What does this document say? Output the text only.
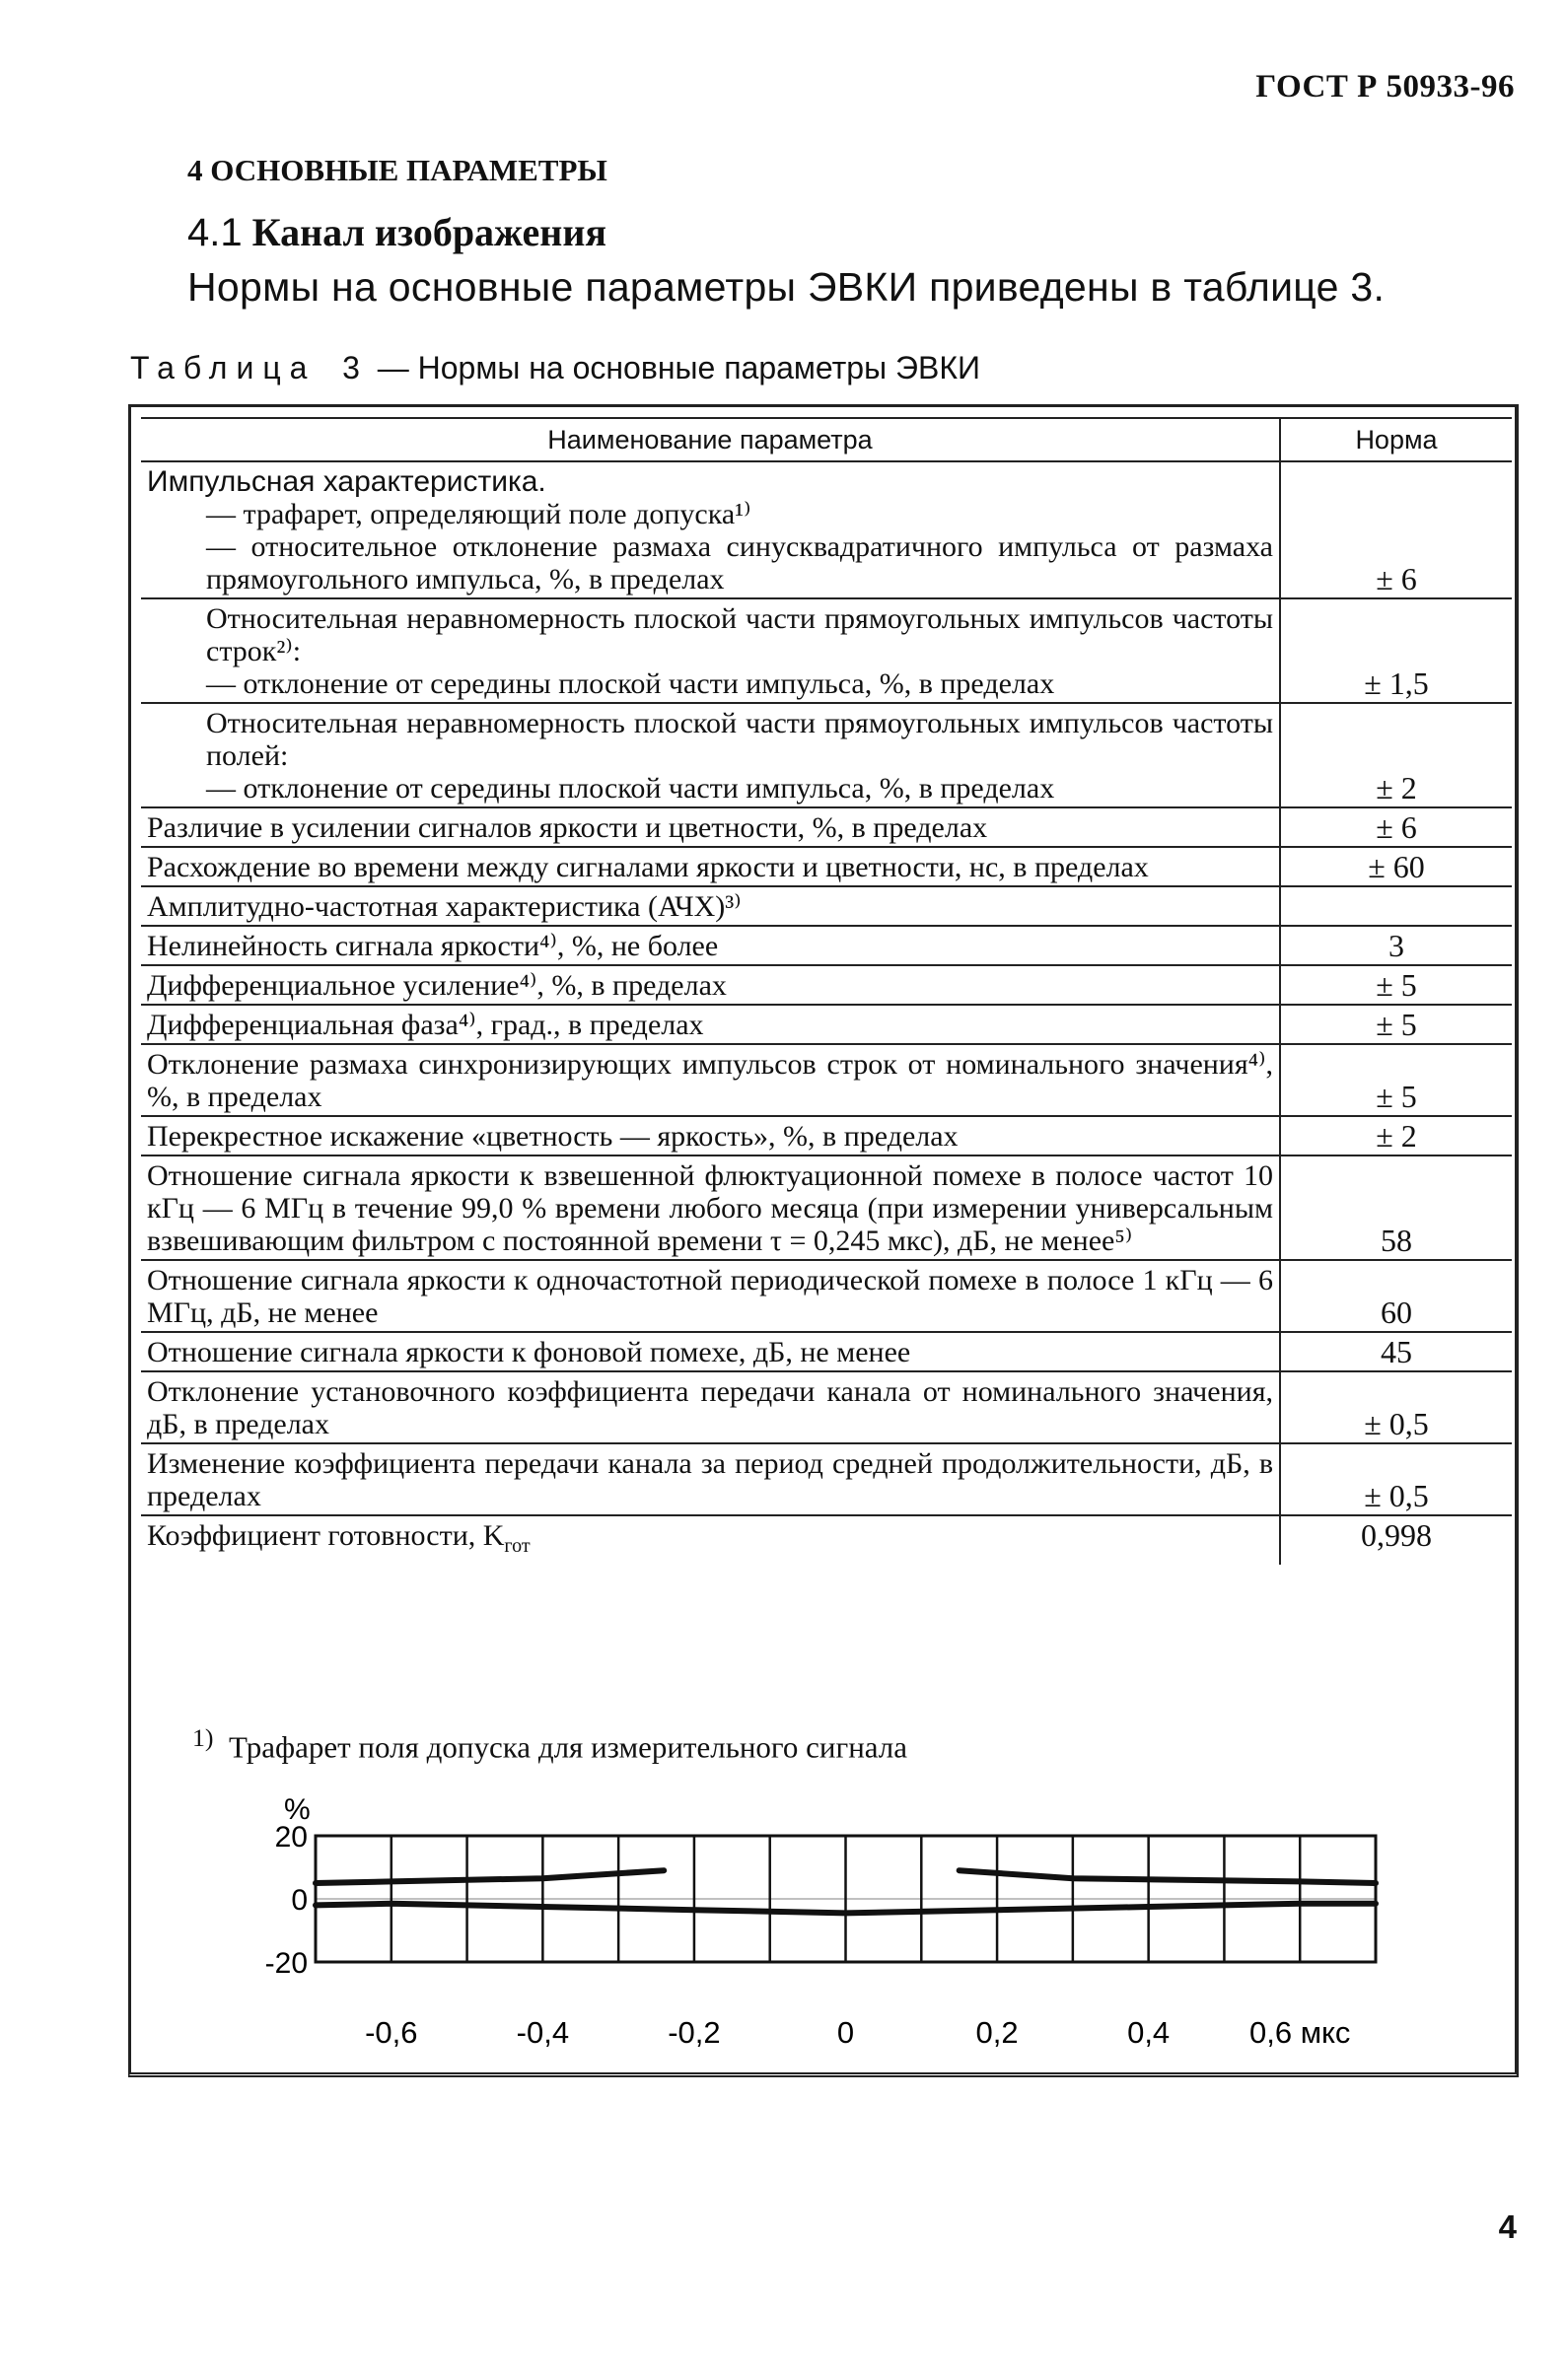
ГОСТ Р 50933-96
4 ОСНОВНЫЕ ПАРАМЕТРЫ
4.1 Канал изображения
Нормы на основные параметры ЭВКИ приведены в таблице 3.
Таблица 3 — Нормы на основные параметры ЭВКИ
Наименование параметра	Норма

Импульсная характеристика.
— трафарет, определяющий поле допуска¹⁾
— относительное отклонение размаха синусквадратичного импульса от размаха прямоугольного импульса, %, в пределах	± 6

Относительная неравномерность плоской части прямоугольных импульсов частоты строк²⁾:
— отклонение от середины плоской части импульса, %, в пределах	± 1,5

Относительная неравномерность плоской части прямоугольных импульсов частоты полей:
— отклонение от середины плоской части импульса, %, в пределах	± 2
Различие в усилении сигналов яркости и цветности, %, в пределах	± 6
Расхождение во времени между сигналами яркости и цветности, нс, в пределах	± 60
Амплитудно-частотная характеристика (АЧХ)³⁾	
Нелинейность сигнала яркости⁴⁾, %, не более	3
Дифференциальное усиление⁴⁾, %, в пределах	± 5
Дифференциальная фаза⁴⁾, град., в пределах	± 5
Отклонение размаха синхронизирующих импульсов строк от номинального значения⁴⁾, %, в пределах	± 5
Перекрестное искажение «цветность — яркость», %, в пределах	± 2
Отношение сигнала яркости к взвешенной флюктуационной помехе в полосе частот 10 кГц — 6 МГц в течение 99,0 % времени любого месяца (при измерении универсальным взвешивающим фильтром с постоянной времени τ = 0,245 мкс), дБ, не менее⁵⁾	58
Отношение сигнала яркости к одночастотной периодической помехе в полосе 1 кГц — 6 МГц, дБ, не менее	60
Отношение сигнала яркости к фоновой помехе, дБ, не менее	45
Отклонение установочного коэффициента передачи канала от номинального значения, дБ, в пределах	± 0,5
Изменение коэффициента передачи канала за период средней продолжительности, дБ, в пределах	± 0,5
Коэффициент готовности, $K_{гот}$	0,998
$^{1)}$ Трафарет поля допуска для измерительного сигнала
20
0
-20
-0,6	-0,4	-0,2	0	0,2	0,4	0,6 мкс
%
4
